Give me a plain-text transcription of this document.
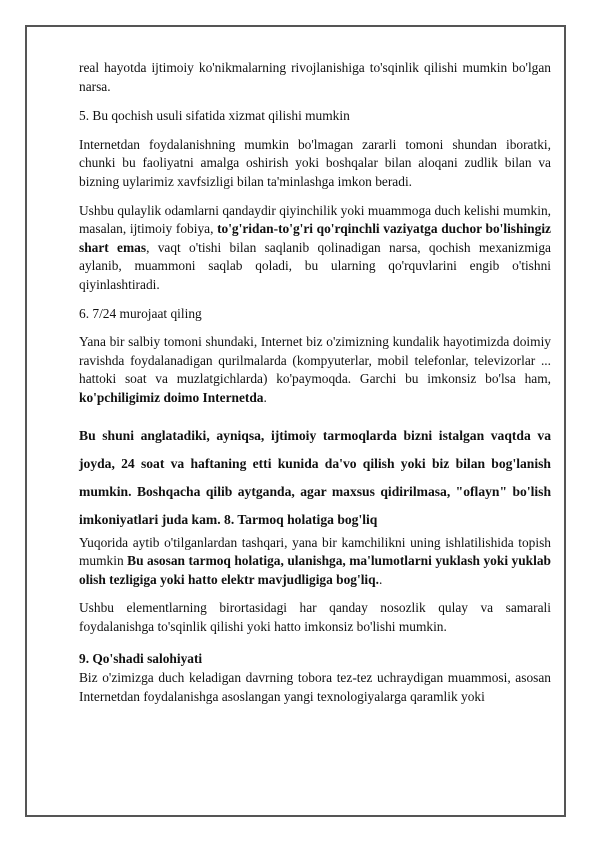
real hayotda ijtimoiy ko'nikmalarning rivojlanishiga to'sqinlik qilishi mumkin bo'lgan narsa.

5. Bu qochish usuli sifatida xizmat qilishi mumkin

Internetdan foydalanishning mumkin bo'lmagan zararli tomoni shundan iboratki, chunki bu faoliyatni amalga oshirish yoki boshqalar bilan aloqani zudlik bilan va bizning uylarimiz xavfsizligi bilan ta'minlashga imkon beradi.

Ushbu qulaylik odamlarni qandaydir qiyinchilik yoki muammoga duch kelishi mumkin, masalan, ijtimoiy fobiya, to'g'ridan-to'g'ri qo'rqinchli vaziyatga duchor bo'lishingiz shart emas, vaqt o'tishi bilan saqlanib qolinadigan narsa, qochish mexanizmiga aylanib, muammoni saqlab qoladi, bu ularning qo'rquvlarini engib o'tishni qiyinlashtiradi.

6. 7/24 murojaat qiling

Yana bir salbiy tomoni shundaki, Internet biz o'zimizning kundalik hayotimizda doimiy ravishda foydalanadigan qurilmalarda (kompyuterlar, mobil telefonlar, televizorlar ... hattoki soat va muzlatgichlarda) ko'paymoqda. Garchi bu imkonsiz bo'lsa ham, ko'pchiligimiz doimo Internetda.

Bu shuni anglatadiki, ayniqsa, ijtimoiy tarmoqlarda bizni istalgan vaqtda va joyda, 24 soat va haftaning etti kunida da'vo qilish yoki biz bilan bog'lanish mumkin. Boshqacha qilib aytganda, agar maxsus qidirilmasa, "oflayn" bo'lish imkoniyatlari juda kam. 8. Tarmoq holatiga bog'liq

Yuqorida aytib o'tilganlardan tashqari, yana bir kamchilikni uning ishlatilishida topish mumkin Bu asosan tarmoq holatiga, ulanishga, ma'lumotlarni yuklash yoki yuklab olish tezligiga yoki hatto elektr mavjudligiga bog'liq..

Ushbu elementlarning birortasidagi har qanday nosozlik qulay va samarali foydalanishga to'sqinlik qilishi yoki hatto imkonsiz bo'lishi mumkin.

9. Qo'shadi salohiyati

Biz o'zimizga duch keladigan davrning tobora tez-tez uchraydigan muammosi, asosan Internetdan foydalanishga asoslangan yangi texnologiyalarga qaramlik yoki
